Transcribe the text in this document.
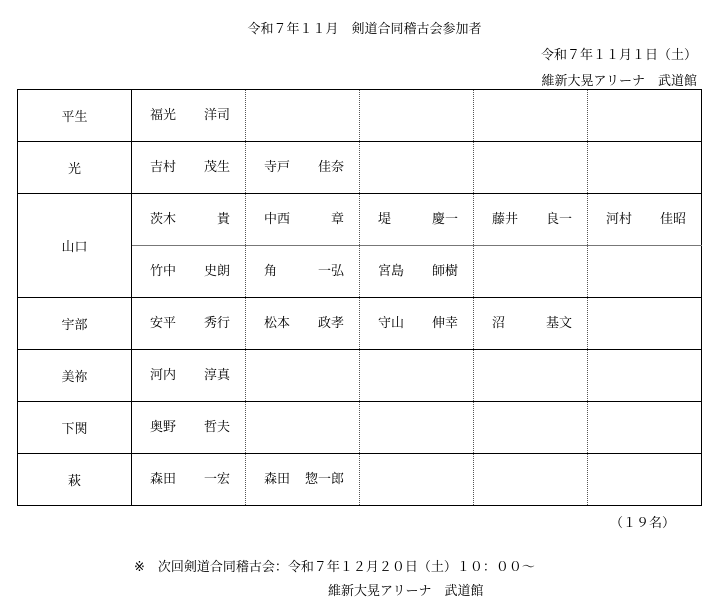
令和７年１１月　剣道合同稽古会参加者
令和７年１１月１日（土）
維新大晃アリーナ　武道館
平生	福光 洋司				

光	吉村 茂生	寺戸 佳奈			

山口	茨木 貴	中西 章	堤 慶一	藤井 良一	河村 佳昭

	竹中 史朗	角 一弘	宮島 師樹		

宇部	安平 秀行	松本 政孝	守山 伸幸	沼 基文	

美祢	河内 淳真				

下関	奥野 哲夫				

萩	森田 一宏	森田 惣一郎			

（１９名）
※　次回剣道合同稽古会：令和７年１２月２０日（土）１０：００～
維新大晃アリーナ　武道館
